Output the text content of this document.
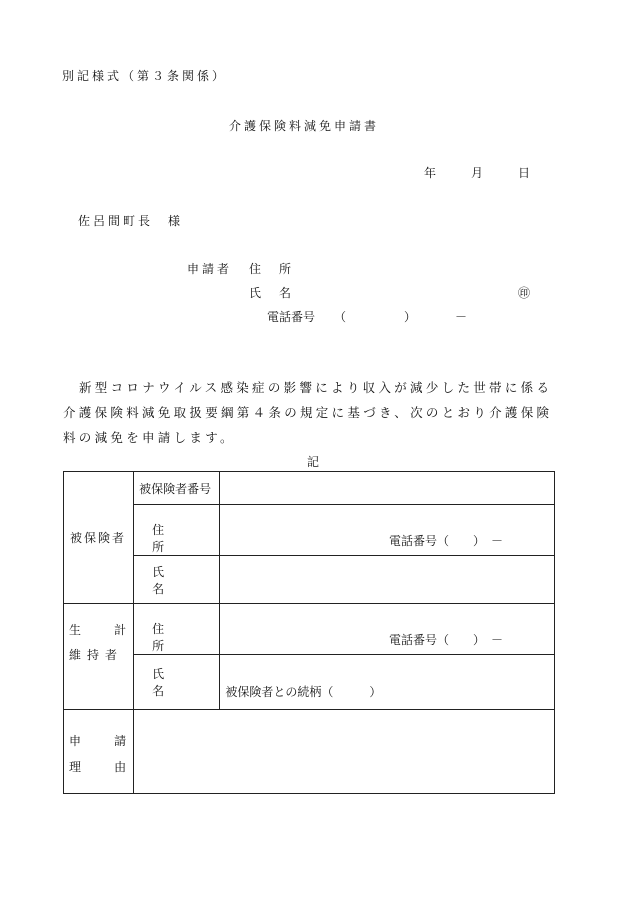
別記様式（第３条関係）
介護保険料減免申請書
年	月	日
佐呂間町長　様
申請者 住　所
氏　名	㊞
電話番号 （	）	－
新型コロナウイルス感染症の影響により収入が減少した世帯に係る
介護保険料減免取扱要綱第４条の規定に基づき、次のとおり介護保険
料の減免を申請します。
記
被保険者	被保険者番号	

	住　所	電話番号（　　）　－

	氏　名	

生 計
維持者	住　所	電話番号（　　）　－

	氏　名	被保険者との続柄（　　　）

申 請
理 由		
